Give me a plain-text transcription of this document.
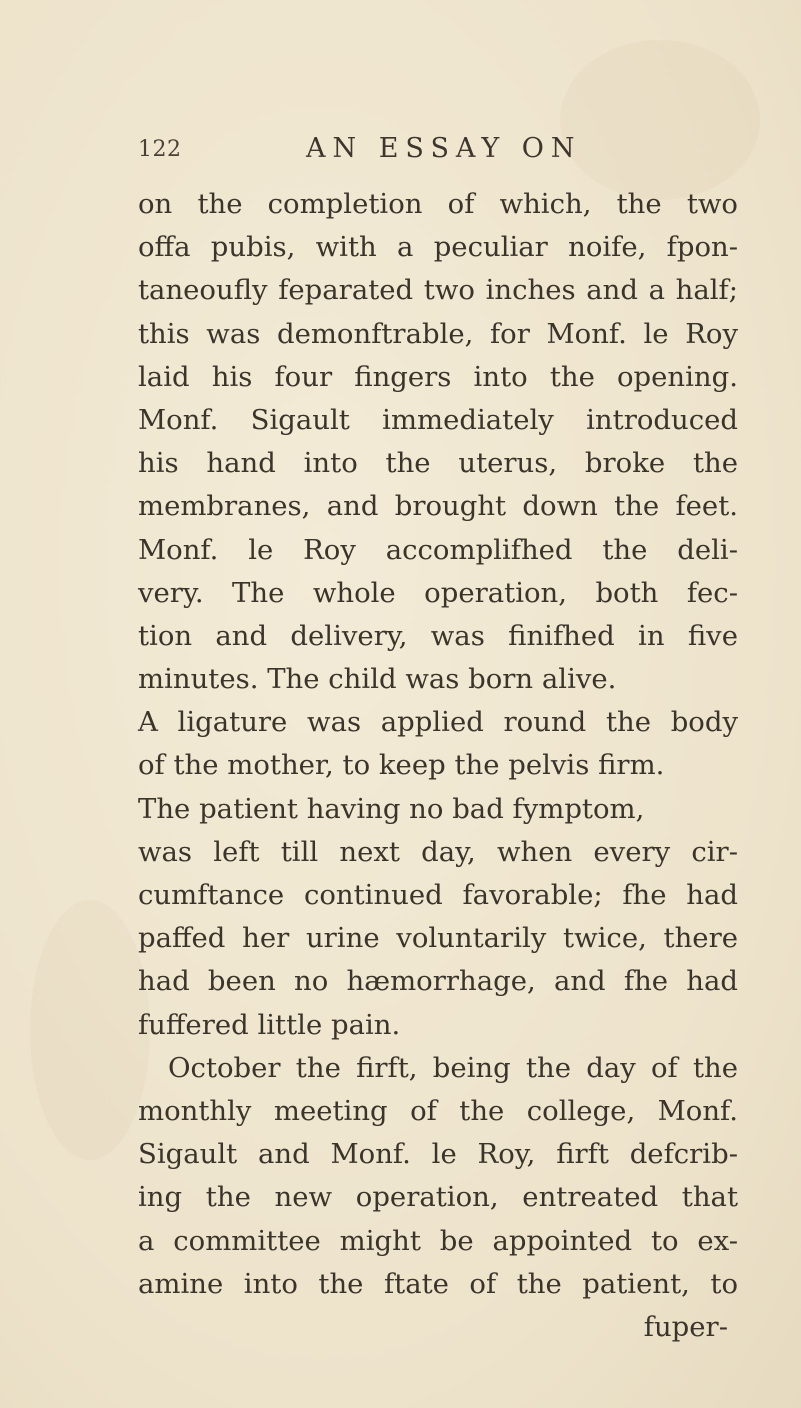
122	AN ESSAY ON
on the completion of which, the two
offa pubis, with a peculiar noife, fpon-
taneoufly feparated two inches and a half;
this was demonftrable, for Monf. le Roy
laid his four fingers into the opening.
Monf. Sigault immediately introduced
his hand into the uterus, broke the
membranes, and brought down the feet.
Monf. le Roy accomplifhed the deli-
very. The whole operation, both fec-
tion and delivery, was finifhed in five
minutes. The child was born alive.
A ligature was applied round the body
of the mother, to keep the pelvis firm.
The patient having no bad fymptom,
was left till next day, when every cir-
cumftance continued favorable; fhe had
paffed her urine voluntarily twice, there
had been no hæmorrhage, and fhe had
fuffered little pain.
October the firft, being the day of the
monthly meeting of the college, Monf.
Sigault and Monf. le Roy, firft defcrib-
ing the new operation, entreated that
a committee might be appointed to ex-
amine into the ftate of the patient, to
fuper-
